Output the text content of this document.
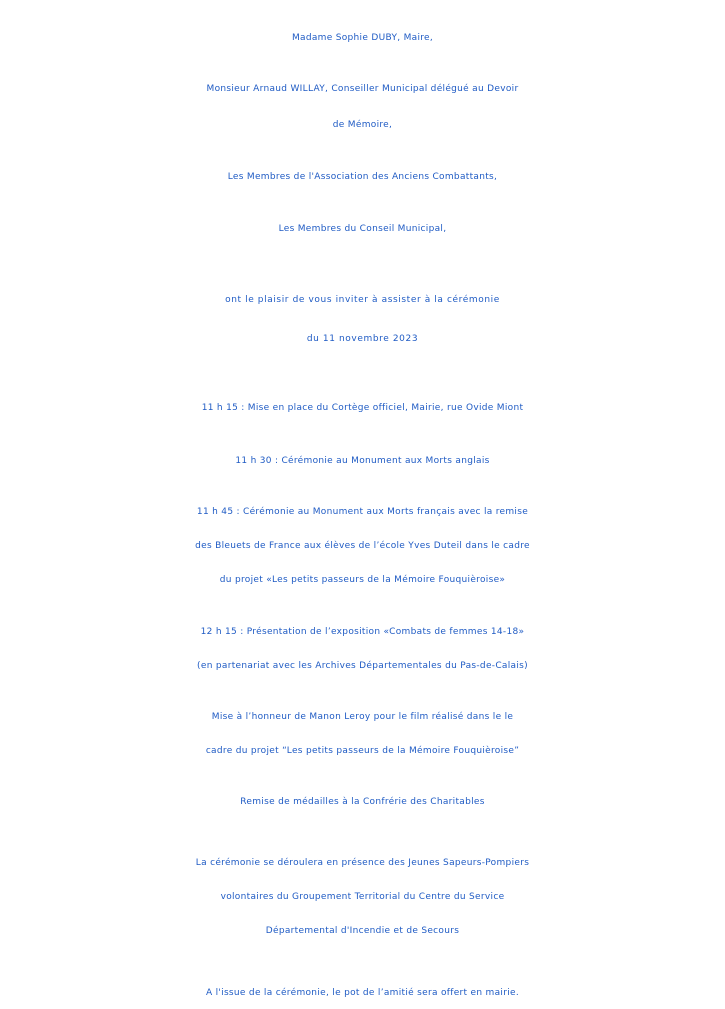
Madame Sophie DUBY, Maire,
Monsieur Arnaud WILLAY, Conseiller Municipal délégué au Devoir
de Mémoire,
Les Membres de l'Association des Anciens Combattants,
Les Membres du Conseil Municipal,
ont le plaisir de vous inviter à assister à la cérémonie
du 11 novembre 2023
11 h 15 : Mise en place du Cortège officiel, Mairie, rue Ovide Miont
11 h 30 : Cérémonie au Monument aux Morts anglais
11 h 45 : Cérémonie au Monument aux Morts français avec la remise
des Bleuets de France aux élèves de l’école Yves Duteil dans le cadre
du projet «Les petits passeurs de la Mémoire Fouquièroise»
12 h 15 : Présentation de l’exposition «Combats de femmes 14-18»
(en partenariat avec les Archives Départementales du Pas-de-Calais)
Mise à l’honneur de Manon Leroy pour le film réalisé dans le le
cadre du projet “Les petits passeurs de la Mémoire Fouquièroise”
Remise de médailles à la Confrérie des Charitables
La cérémonie se déroulera en présence des Jeunes Sapeurs-Pompiers
volontaires du Groupement Territorial du Centre du Service
Départemental d'Incendie et de Secours
A l'issue de la cérémonie, le pot de l’amitié sera offert en mairie.
